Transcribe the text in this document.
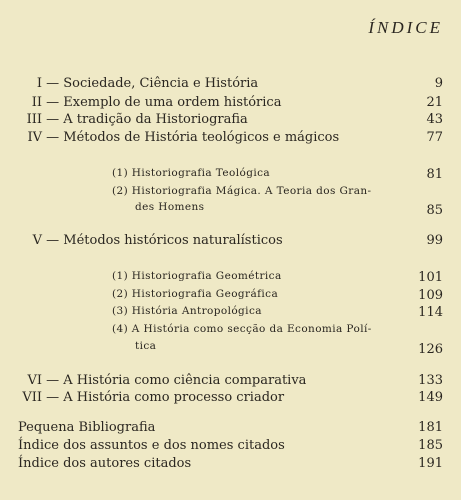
ÍNDICE
I — Sociedade, Ciência e História	9
II — Exemplo de uma ordem histórica	21
III — A tradição da Historiografia	43
IV — Métodos de História teológicos e mágicos	77
(1) Historiografia Teológica	81
(2) Historiografia Mágica. A Teoria dos Gran-
des Homens	85
V — Métodos históricos naturalísticos	99
(1) Historiografia Geométrica	101
(2) Historiografia Geográfica	109
(3) História Antropológica	114
(4) A História como secção da Economia Polí-
tica	126
VI — A História como ciência comparativa	133
VII — A História como processo criador	149
Pequena Bibliografia	181
Índice dos assuntos e dos nomes citados	185
Índice dos autores citados	191
